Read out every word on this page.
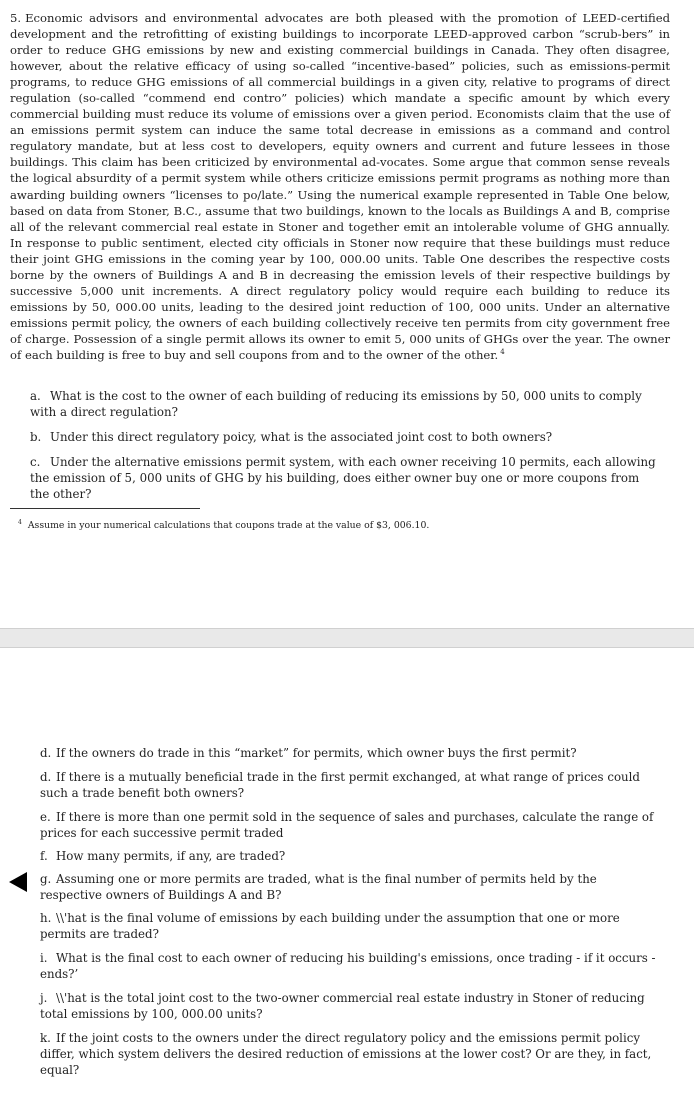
5. Economic advisors and environmental advocates are both pleased with the promotion of LEED-certified development and the retrofitting of existing buildings to incorporate LEED-approved carbon “scrub-bers” in order to reduce GHG emissions by new and existing commercial buildings in Canada. They often disagree, however, about the relative efficacy of using so-called “incentive-based” policies, such as emissions-permit programs, to reduce GHG emissions of all commercial buildings in a given city, relative to programs of direct regulation (so-called “commend end contro” policies) which mandate a specific amount by which every commercial building must reduce its volume of emissions over a given period. Economists claim that the use of an emissions permit system can induce the same total decrease in emissions as a command and control regulatory mandate, but at less cost to developers, equity owners and current and future lessees in those buildings. This claim has been criticized by environmental ad-vocates. Some argue that common sense reveals the logical absurdity of a permit system while others criticize emissions permit programs as nothing more than awarding building owners “licenses to po/late.” Using the numerical example represented in Table One below, based on data from Stoner, B.C., assume that two buildings, known to the locals as Buildings A and B, comprise all of the relevant commercial real estate in Stoner and together emit an intolerable volume of GHG annually. In response to public sentiment, elected city officials in Stoner now require that these buildings must reduce their joint GHG emissions in the coming year by 100, 000.00 units. Table One describes the respective costs borne by the owners of Buildings A and B in decreasing the emission levels of their respective buildings by successive 5,000 unit increments. A direct regulatory policy would require each building to reduce its emissions by 50, 000.00 units, leading to the desired joint reduction of 100, 000 units. Under an alternative emissions permit policy, the owners of each building collectively receive ten permits from city government free of charge. Possession of a single permit allows its owner to emit 5, 000 units of GHGs over the year. The owner of each building is free to buy and sell coupons from and to the owner of the other. $^4$

a. What is the cost to the owner of each building of reducing its emissions by 50, 000 units to comply with a direct regulation?

b. Under this direct regulatory poicy, what is the associated joint cost to both owners?

c. Under the alternative emissions permit system, with each owner receiving 10 permits, each allowing the emission of 5, 000 units of GHG by his building, does either owner buy one or more coupons from the other?

$^4$ Assume in your numerical calculations that coupons trade at the value of $3, 006.10.

d. If the owners do trade in this “market” for permits, which owner buys the first permit?

d. If there is a mutually beneficial trade in the first permit exchanged, at what range of prices could such a trade benefit both owners?

e. If there is more than one permit sold in the sequence of sales and purchases, calculate the range of prices for each successive permit traded

f. How many permits, if any, are traded?

g. Assuming one or more permits are traded, what is the final number of permits held by the respective owners of Buildings A and B?

h. \\'hat is the final volume of emissions by each building under the assumption that one or more permits are traded?

i. What is the final cost to each owner of reducing his building's emissions, once trading - if it occurs - ends?’

j. \\'hat is the total joint cost to the two-owner commercial real estate industry in Stoner of reducing total emissions by 100, 000.00 units?

k. If the joint costs to the owners under the direct regulatory policy and the emissions permit policy differ, which system delivers the desired reduction of emissions at the lower cost? Or are they, in fact, equal?
